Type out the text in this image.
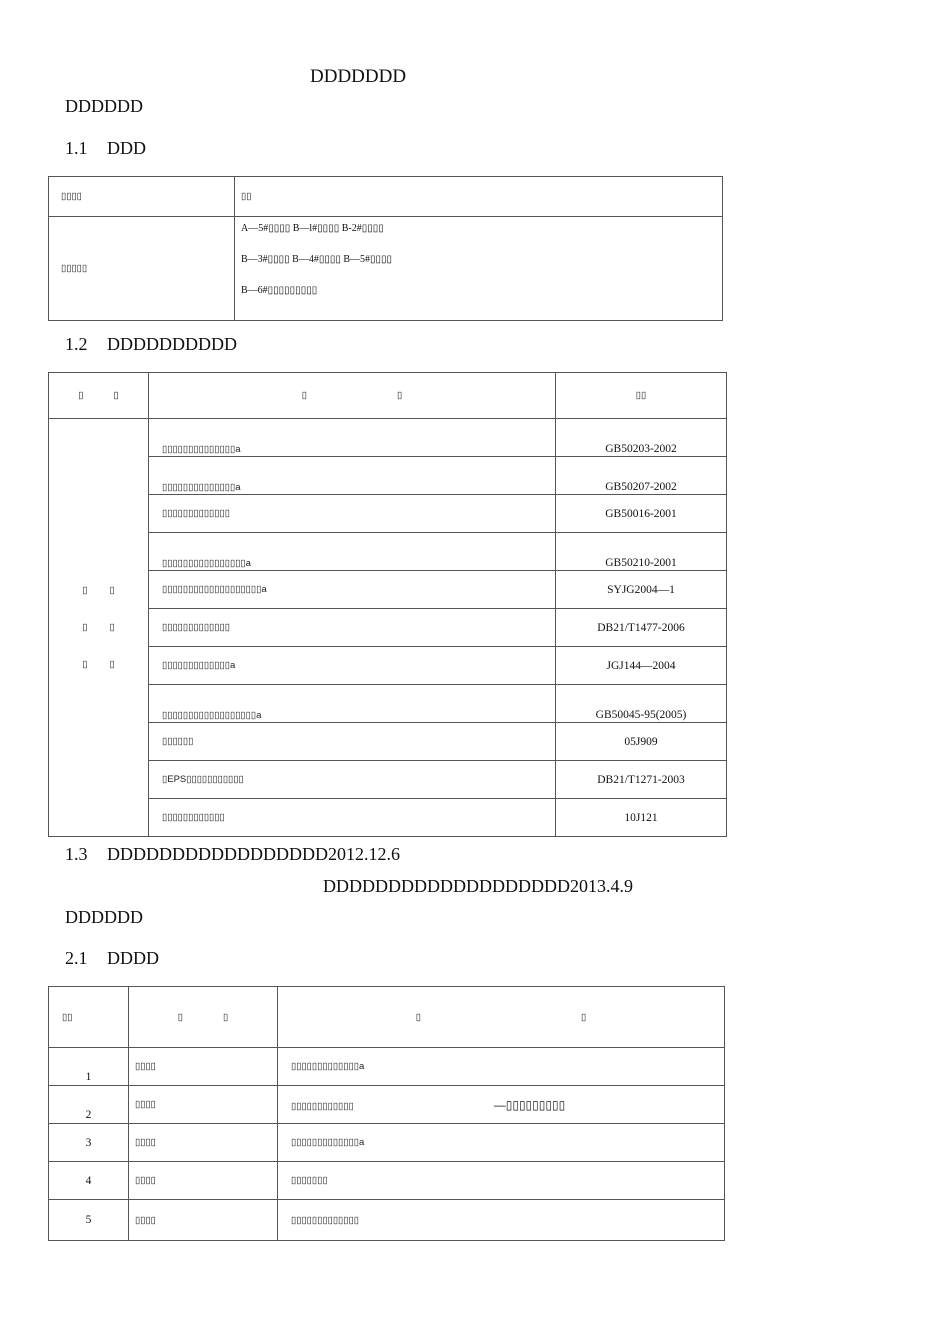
DDDDDDD
DDDDDD
1.1 DDD
▯▯▯▯	▯▯
▯▯▯▯▯	A—5#▯▯▯▯ B—l#▯▯▯▯ B-2#▯▯▯▯
B—3#▯▯▯▯ B—4#▯▯▯▯ B—5#▯▯▯▯
B—6#▯▯▯▯▯▯▯▯▯
1.2 DDDDDDDDDD
▯ ▯	▯ ▯	▯▯

▯ ▯
▯ ▯
▯ ▯	▯▯▯▯▯▯▯▯▯▯▯▯▯▯a	GB50203-2002
	▯▯▯▯▯▯▯▯▯▯▯▯▯▯a	GB50207-2002
	▯▯▯▯▯▯▯▯▯▯▯▯▯	GB50016-2001
	▯▯▯▯▯▯▯▯▯▯▯▯▯▯▯▯a	GB50210-2001
	▯▯▯▯▯▯▯▯▯▯▯▯▯▯▯▯▯▯▯a	SYJG2004—1
	▯▯▯▯▯▯▯▯▯▯▯▯▯	DB21/T1477-2006
	▯▯▯▯▯▯▯▯▯▯▯▯▯a	JGJ144—2004
	▯▯▯▯▯▯▯▯▯▯▯▯▯▯▯▯▯▯a	GB50045-95(2005)
	▯▯▯▯▯▯	05J909
	▯EPS▯▯▯▯▯▯▯▯▯▯▯	DB21/T1271-2003
	▯▯▯▯▯▯▯▯▯▯▯▯	10J121
1.3 DDDDDDDDDDDDDDDDD2012.12.6
DDDDDDDDDDDDDDDDDDD2013.4.9
DDDDDD
2.1 DDDD
▯▯	▯ ▯	▯ ▯
1	▯▯▯▯	▯▯▯▯▯▯▯▯▯▯▯▯▯a
2	▯▯▯▯	▯▯▯▯▯▯▯▯▯▯▯▯ —▯▯▯▯▯▯▯▯▯
3	▯▯▯▯	▯▯▯▯▯▯▯▯▯▯▯▯▯a
4	▯▯▯▯	▯▯▯▯▯▯▯
5	▯▯▯▯	▯▯▯▯▯▯▯▯▯▯▯▯▯
